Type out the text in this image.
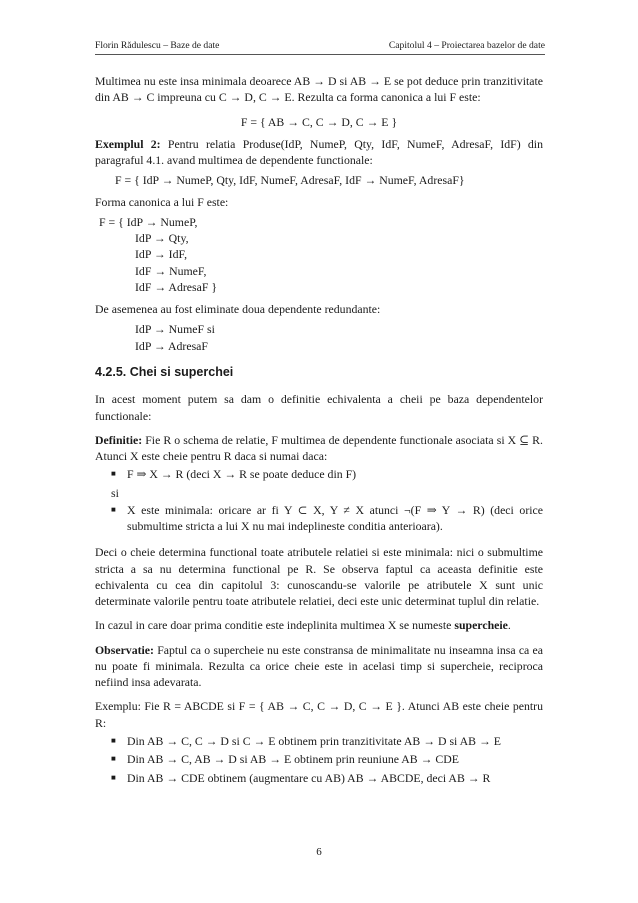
Florin Rădulescu – Baze de date	Capitolul 4 – Proiectarea bazelor de date

Multimea nu este insa minimala deoarece AB → D si AB → E se pot deduce prin tranzitivitate din AB → C impreuna cu C → D, C → E. Rezulta ca forma canonica a lui F este:

F = { AB → C, C → D, C → E }

Exemplul 2: Pentru relatia Produse(IdP, NumeP, Qty, IdF, NumeF, AdresaF, IdF) din paragraful 4.1. avand multimea de dependente functionale:

F = { IdP → NumeP, Qty, IdF, NumeF, AdresaF, IdF → NumeF, AdresaF}
Forma canonica a lui F este:
F = { IdP → NumeP,
IdP → Qty,
IdP → IdF,
IdF → NumeF,
IdF → AdresaF }
De asemenea au fost eliminate doua dependente redundante:
IdP → NumeF si
IdP → AdresaF
4.2.5. Chei si superchei

In acest moment putem sa dam o definitie echivalenta a cheii pe baza dependentelor functionale:

Definitie: Fie R o schema de relatie, F multimea de dependente functionale asociata si X ⊆ R. Atunci X este cheie pentru R daca si numai daca:

■ F ⇒ X → R (deci X → R se poate deduce din F)
si
■ X este minimala: oricare ar fi Y ⊂ X, Y ≠ X atunci ¬(F ⇒ Y → R) (deci orice submultime stricta a lui X nu mai indeplineste conditia anterioara).

Deci o cheie determina functional toate atributele relatiei si este minimala: nici o submultime stricta a sa nu determina functional pe R. Se observa faptul ca aceasta definitie este echivalenta cu cea din capitolul 3: cunoscandu-se valorile pe atributele X sunt unic determinate valorile pentru toate atributele relatiei, deci este unic determinat tuplul din relatie.

In cazul in care doar prima conditie este indeplinita multimea X se numeste supercheie.

Observatie: Faptul ca o supercheie nu este constransa de minimalitate nu inseamna insa ca ea nu poate fi minimala. Rezulta ca orice cheie este in acelasi timp si supercheie, reciproca nefiind insa adevarata.

Exemplu: Fie R = ABCDE si F = { AB → C, C → D, C → E }. Atunci AB este cheie pentru R:

■ Din AB → C, C → D si C → E obtinem prin tranzitivitate AB → D si AB → E
■ Din AB → C, AB → D si AB → E obtinem prin reuniune AB → CDE
■ Din AB → CDE obtinem (augmentare cu AB) AB → ABCDE, deci AB → R
6
